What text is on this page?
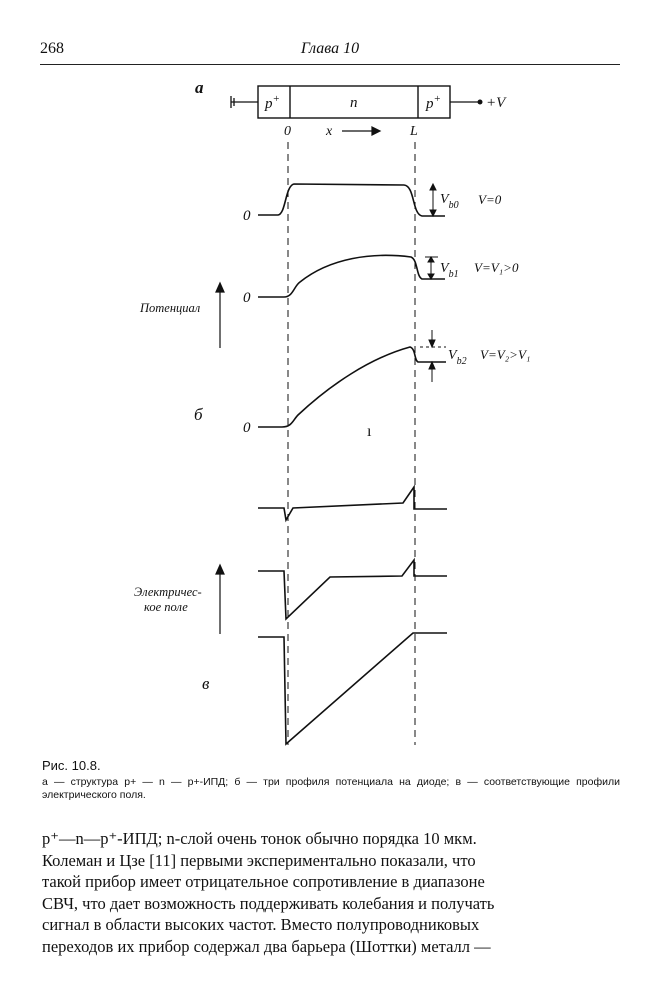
268	Глава 10
а
p+	n	p+	+V
0	x	L
0
$V_{b0}$ V=0
0
$V_{b1}$ V=V₁>0
Потенциал
0
$V_{b2}$ V=V₂>V₁
б
ı
Электричес-
кое поле
в
Рис. 10.8.
а — структура p+ — n — p+-ИПД; б — три профиля потенциала на диоде; в — соответствующие профили электрического поля.
p⁺—n—p⁺-ИПД; n-слой очень тонок обычно порядка 10 мкм.
Колеман и Цзе [11] первыми экспериментально показали, что
такой прибор имеет отрицательное сопротивление в диапазоне
СВЧ, что дает возможность поддерживать колебания и получать
сигнал в области высоких частот. Вместо полупроводниковых
переходов их прибор содержал два барьера (Шоттки) металл —
